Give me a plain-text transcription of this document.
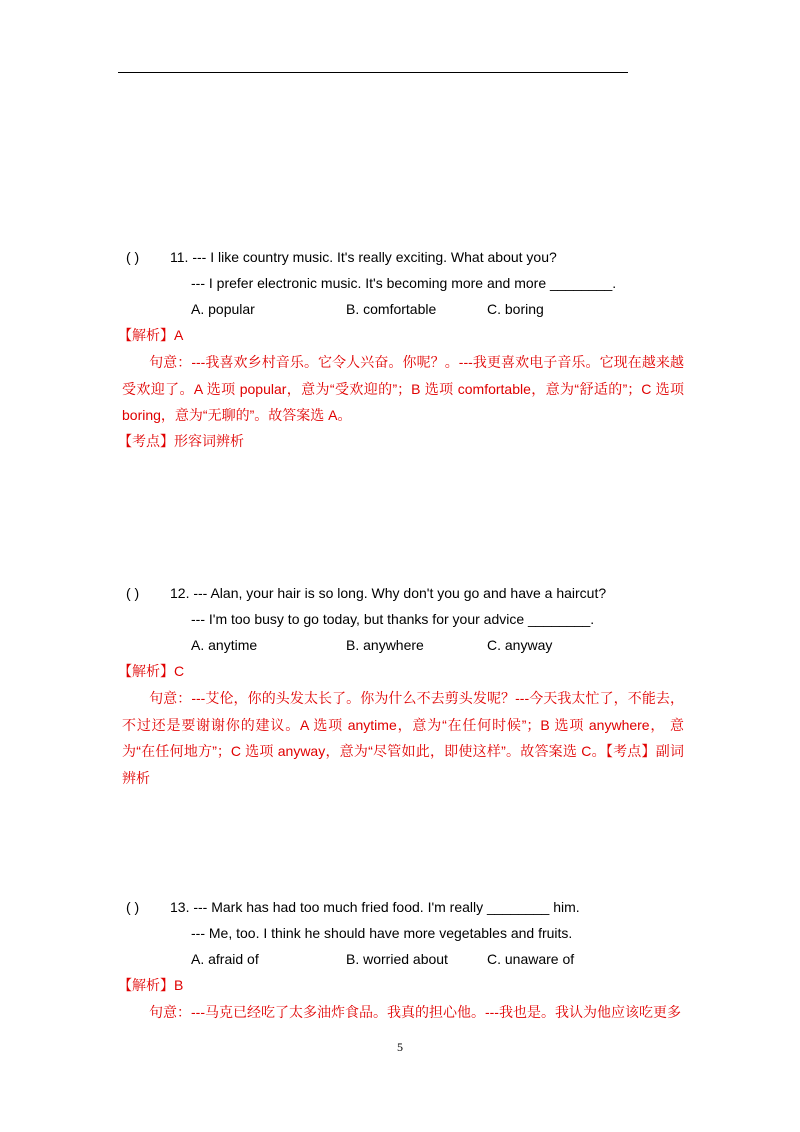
( ) 11. --- I like country music. It's really exciting. What about you?
--- I prefer electronic music. It's becoming more and more ________.
A. popular	B. comfortable	C. boring
【解析】A
句意：---我喜欢乡村音乐。它令人兴奋。你呢？。---我更喜欢电子音乐。它现在越来越受欢迎了。A 选项 popular，意为“受欢迎的”；B 选项 comfortable，意为“舒适的”；C 选项 boring，意为“无聊的”。故答案选 A。
【考点】形容词辨析
( ) 12. --- Alan, your hair is so long. Why don't you go and have a haircut?
--- I'm too busy to go today, but thanks for your advice ________.
A. anytime	B. anywhere	C. anyway
【解析】C
句意：---艾伦，你的头发太长了。你为什么不去剪头发呢？---今天我太忙了，不能去，不过还是要谢谢你的建议。A 选项 anytime，意为“在任何时候”；B 选项 anywhere， 意为“在任何地方”；C 选项 anyway，意为“尽管如此，即使这样”。故答案选 C。【考点】副词辨析
( ) 13. --- Mark has had too much fried food. I'm really ________ him.
--- Me, too. I think he should have more vegetables and fruits.
A. afraid of	B. worried about	C. unaware of
【解析】B
句意：---马克已经吃了太多油炸食品。我真的担心他。---我也是。我认为他应该吃更多
5
